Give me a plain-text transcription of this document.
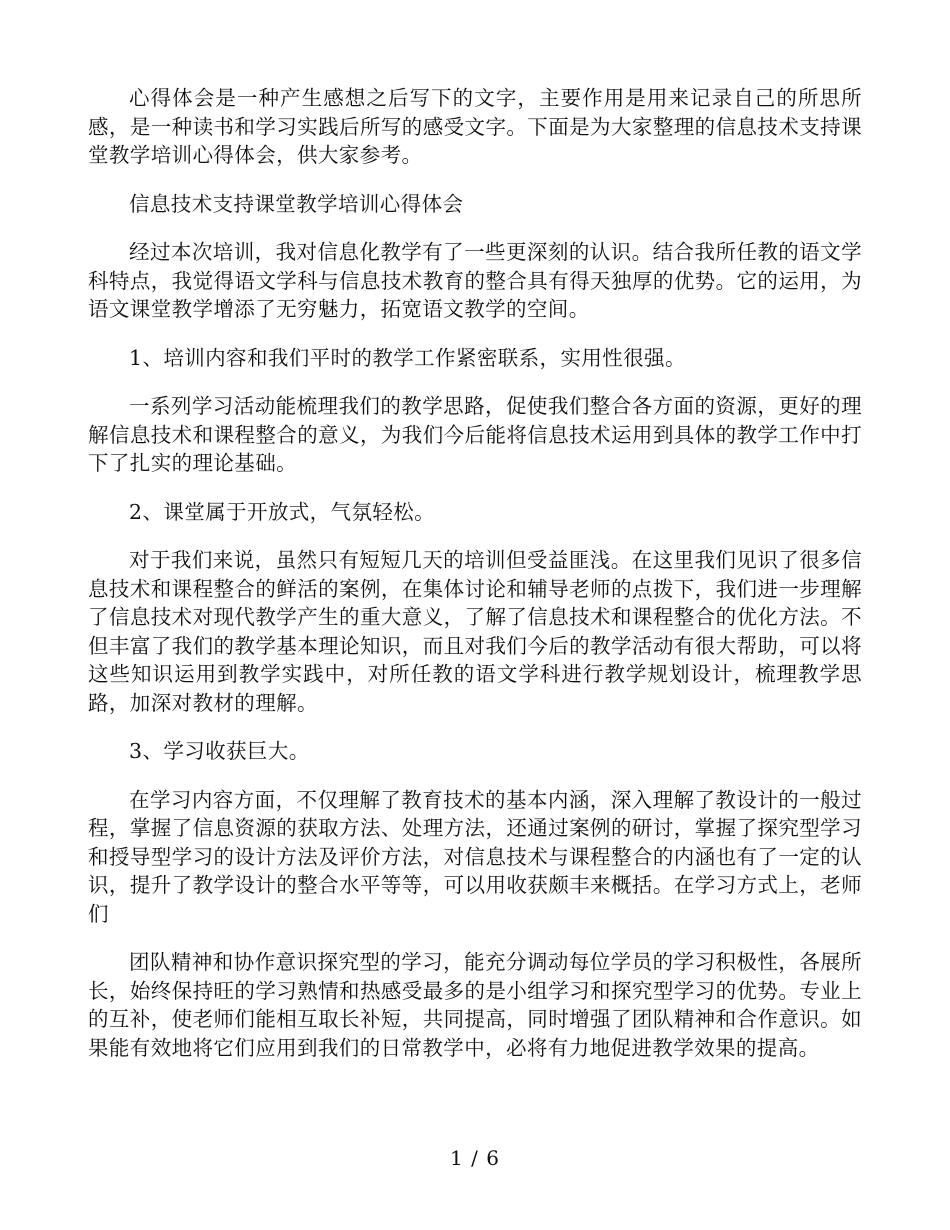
心得体会是一种产生感想之后写下的文字，主要作用是用来记录自己的所思所感，是一种读书和学习实践后所写的感受文字。下面是为大家整理的信息技术支持课堂教学培训心得体会，供大家参考。

信息技术支持课堂教学培训心得体会

经过本次培训，我对信息化教学有了一些更深刻的认识。结合我所任教的语文学科特点，我觉得语文学科与信息技术教育的整合具有得天独厚的优势。它的运用，为语文课堂教学增添了无穷魅力，拓宽语文教学的空间。

1、培训内容和我们平时的教学工作紧密联系，实用性很强。

一系列学习活动能梳理我们的教学思路，促使我们整合各方面的资源，更好的理解信息技术和课程整合的意义，为我们今后能将信息技术运用到具体的教学工作中打下了扎实的理论基础。

2、课堂属于开放式，气氛轻松。

对于我们来说，虽然只有短短几天的培训但受益匪浅。在这里我们见识了很多信息技术和课程整合的鲜活的案例，在集体讨论和辅导老师的点拨下，我们进一步理解了信息技术对现代教学产生的重大意义，了解了信息技术和课程整合的优化方法。不但丰富了我们的教学基本理论知识，而且对我们今后的教学活动有很大帮助，可以将这些知识运用到教学实践中，对所任教的语文学科进行教学规划设计，梳理教学思路，加深对教材的理解。

3、学习收获巨大。

在学习内容方面，不仅理解了教育技术的基本内涵，深入理解了教设计的一般过程，掌握了信息资源的获取方法、处理方法，还通过案例的研讨，掌握了探究型学习和授导型学习的设计方法及评价方法，对信息技术与课程整合的内涵也有了一定的认识，提升了教学设计的整合水平等等，可以用收获颇丰来概括。在学习方式上，老师们

团队精神和协作意识探究型的学习，能充分调动每位学员的学习积极性，各展所长，始终保持旺的学习熟情和热感受最多的是小组学习和探究型学习的优势。专业上的互补，使老师们能相互取长补短，共同提高，同时增强了团队精神和合作意识。如果能有效地将它们应用到我们的日常教学中，必将有力地促进教学效果的提高。

1 / 6
